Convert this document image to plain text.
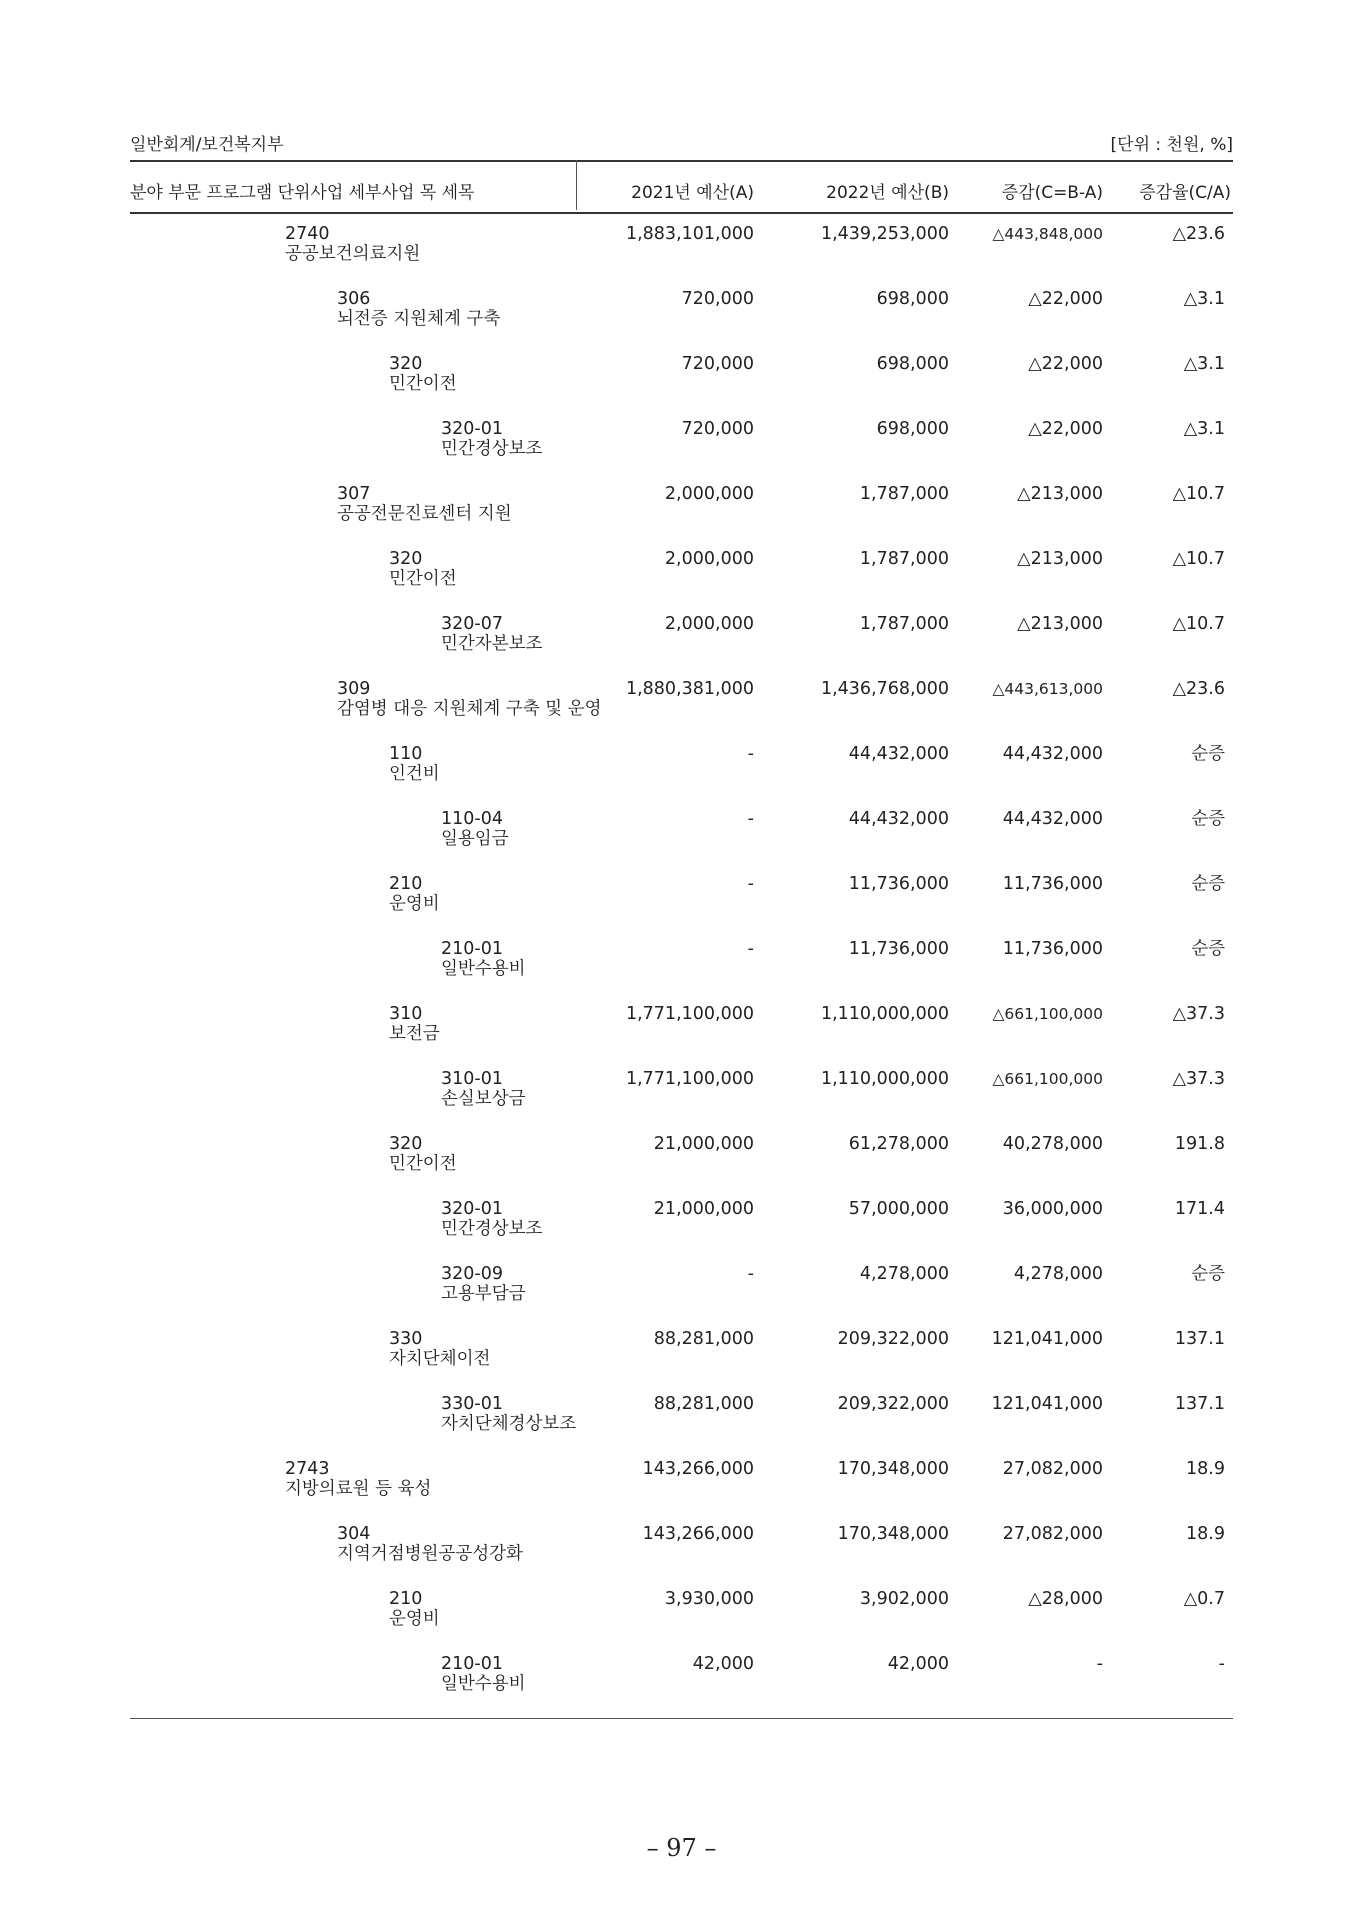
일반회계/보건복지부	[단위 : 천원, %]
분야 부문 프로그램 단위사업 세부사업 목 세목	2021년 예산(A)	2022년 예산(B)	증감(C=B-A) 증감율(C/A)
2740
공공보건의료지원
1,883,101,000	1,439,253,000	△443,848,000	△23.6
306
뇌전증 지원체계 구축
720,000	698,000	△22,000	△3.1
320
민간이전
720,000	698,000	△22,000	△3.1
320-01
민간경상보조
720,000	698,000	△22,000	△3.1
307
공공전문진료센터 지원
2,000,000	1,787,000	△213,000	△10.7
320
민간이전
2,000,000	1,787,000	△213,000	△10.7
320-07
민간자본보조
2,000,000	1,787,000	△213,000	△10.7
309
감염병 대응 지원체계 구축 및 운영
1,880,381,000	1,436,768,000	△443,613,000	△23.6
110
인건비
-	44,432,000	44,432,000	순증
110-04
일용임금
-	44,432,000	44,432,000	순증
210
운영비
-	11,736,000	11,736,000	순증
210-01
일반수용비
-	11,736,000	11,736,000	순증
310
보전금
1,771,100,000	1,110,000,000	△661,100,000	△37.3
310-01
손실보상금
1,771,100,000	1,110,000,000	△661,100,000	△37.3
320
민간이전
21,000,000	61,278,000	40,278,000	191.8
320-01
민간경상보조
21,000,000	57,000,000	36,000,000	171.4
320-09
고용부담금
-	4,278,000	4,278,000	순증
330
자치단체이전
88,281,000	209,322,000	121,041,000	137.1
330-01
자치단체경상보조
88,281,000	209,322,000	121,041,000	137.1
2743
지방의료원 등 육성
143,266,000	170,348,000	27,082,000	18.9
304
지역거점병원공공성강화
143,266,000	170,348,000	27,082,000	18.9
210
운영비
3,930,000	3,902,000	△28,000	△0.7
210-01
일반수용비
42,000	42,000	-	-
– 97 –
